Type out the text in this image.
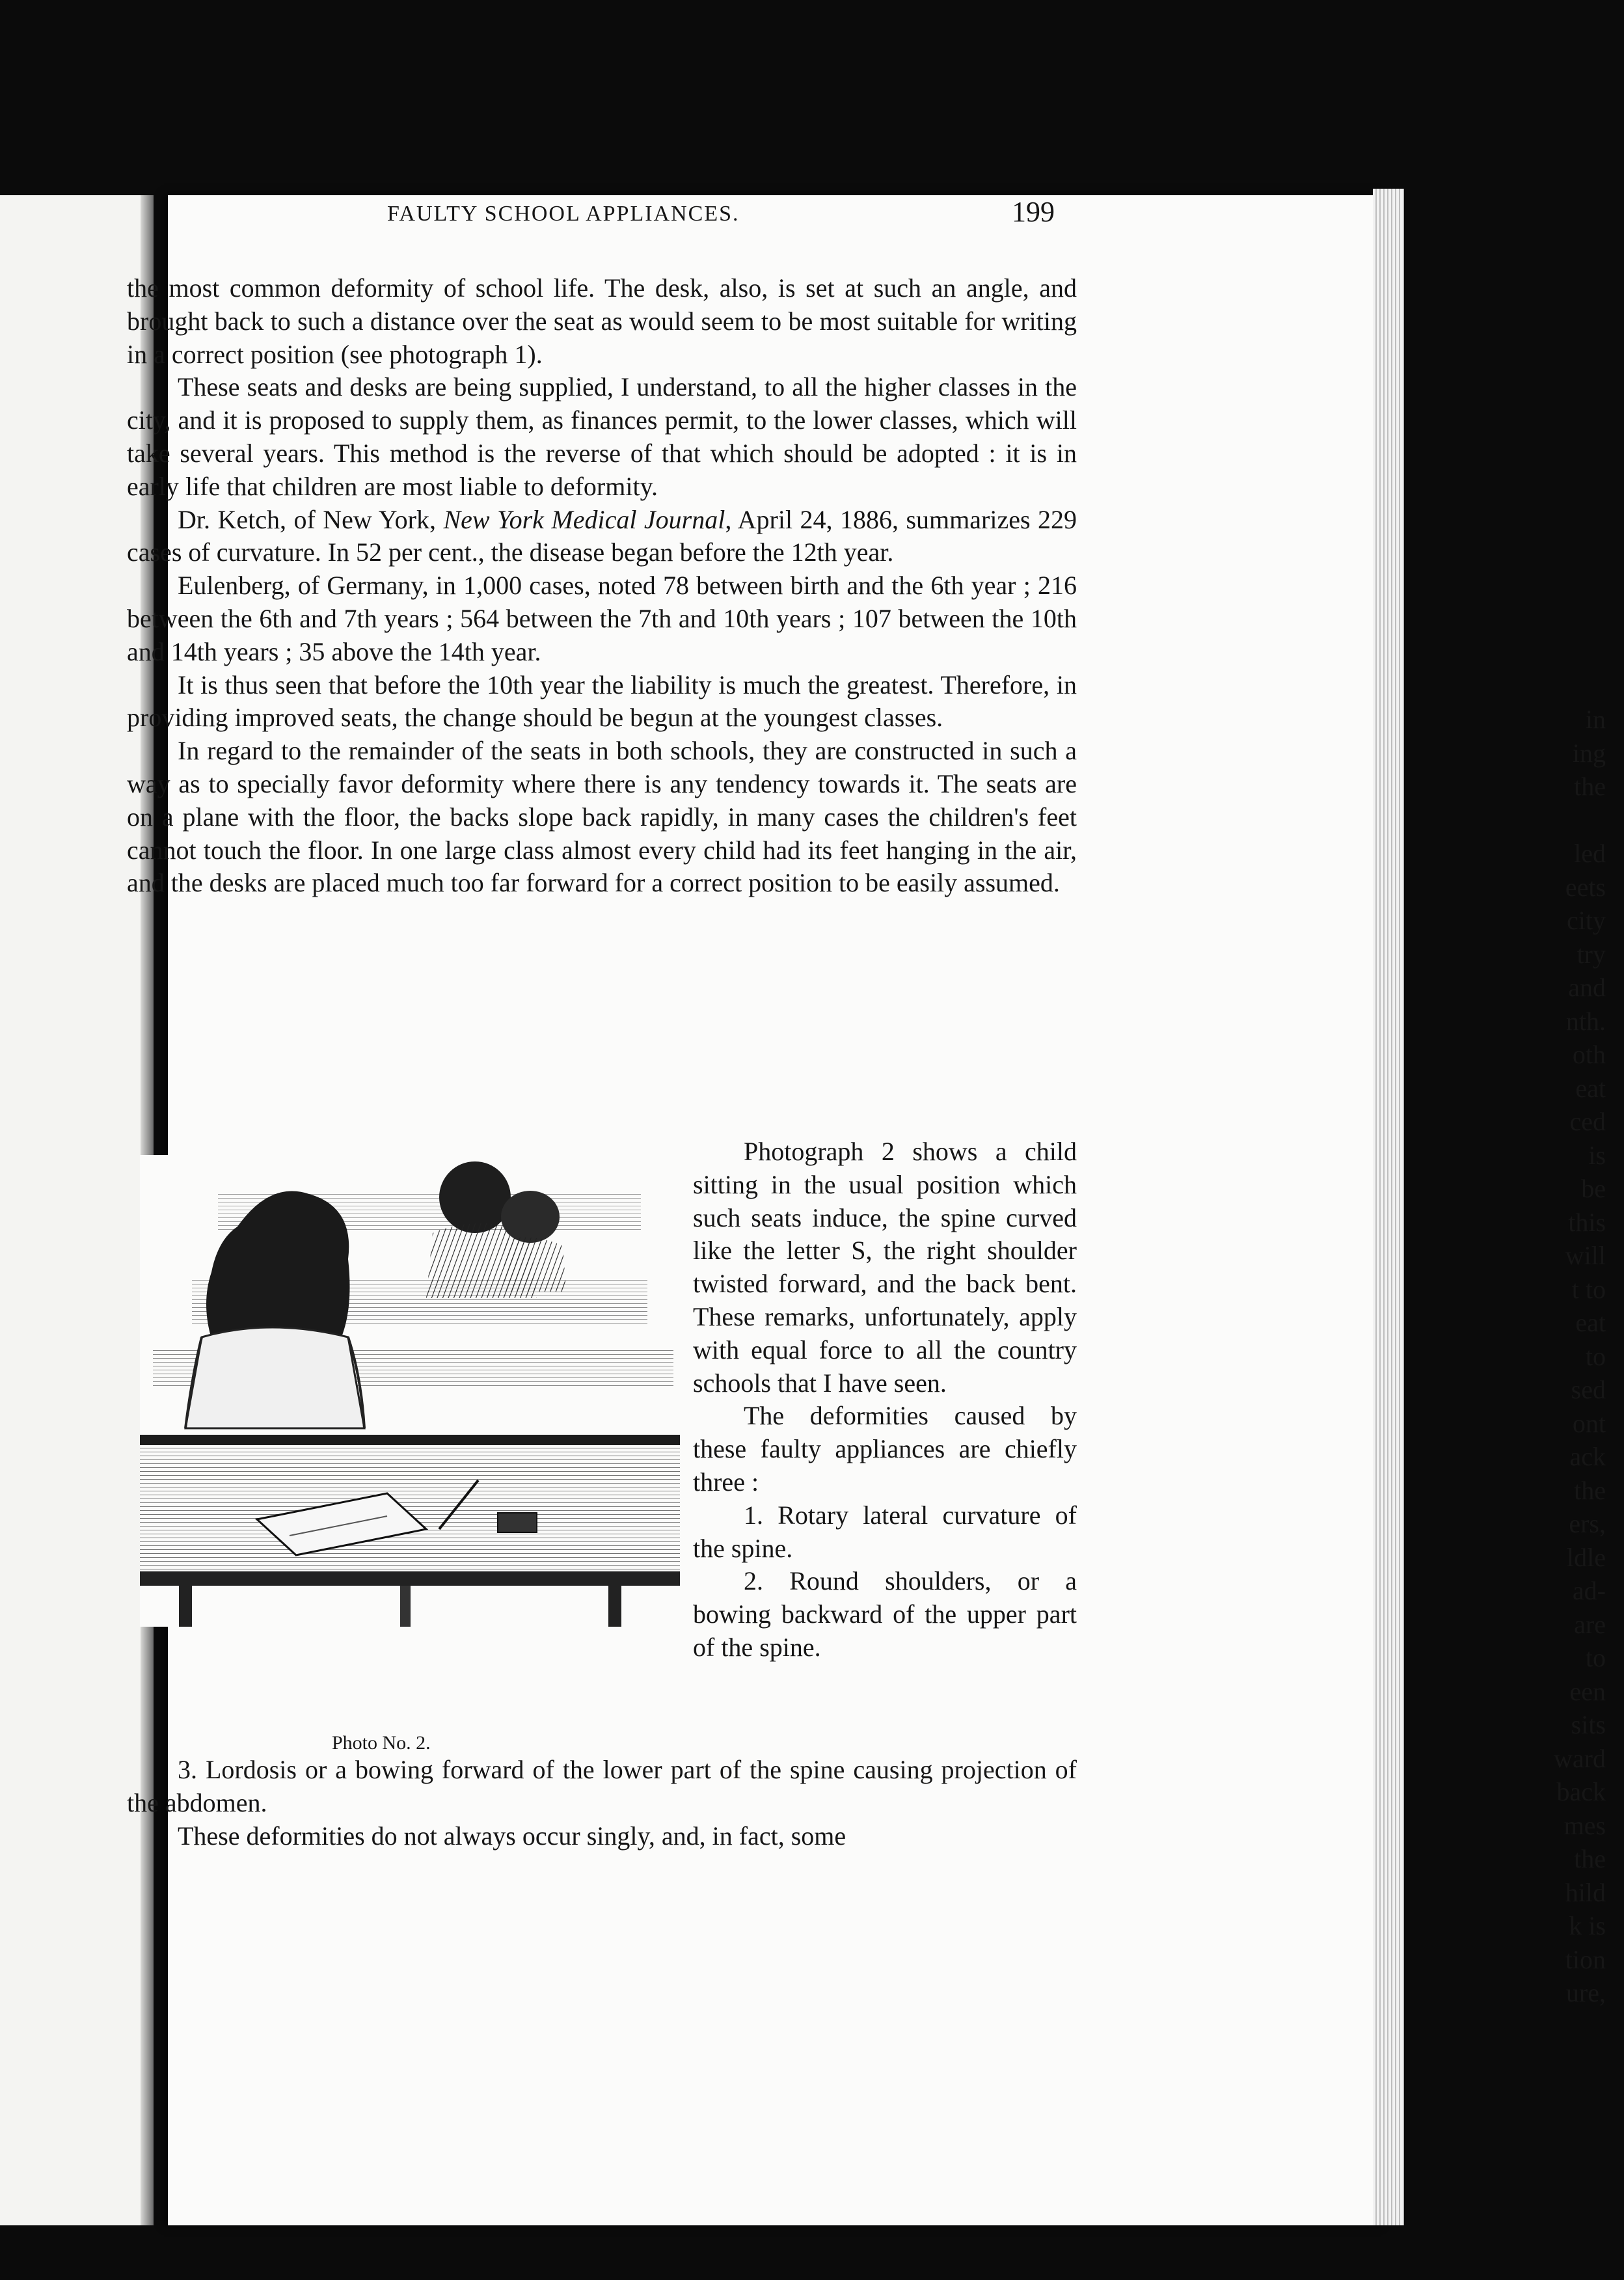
in
ing
the
led
eets
city
try
and
nth.
oth
eat
ced
is
be
this
will
t to
eat
to
sed
ont
ack
the
ers,
ldle
ad-
are
to
een
sits
ward
back
mes
the
hild
k is
tion
ure,
FAULTY SCHOOL APPLIANCES.	199

the most common deformity of school life. The desk, also, is set at such an angle, and brought back to such a distance over the seat as would seem to be most suitable for writing in a correct position (see photograph 1).

These seats and desks are being supplied, I understand, to all the higher classes in the city, and it is proposed to supply them, as finances permit, to the lower classes, which will take several years. This method is the reverse of that which should be adopted : it is in early life that children are most liable to deformity.

Dr. Ketch, of New York, New York Medical Journal, April 24, 1886, summarizes 229 cases of curvature. In 52 per cent., the disease began before the 12th year.

Eulenberg, of Germany, in 1,000 cases, noted 78 between birth and the 6th year ; 216 between the 6th and 7th years ; 564 between the 7th and 10th years ; 107 between the 10th and 14th years ; 35 above the 14th year.

It is thus seen that before the 10th year the liability is much the greatest. Therefore, in providing improved seats, the change should be begun at the youngest classes.

In regard to the remainder of the seats in both schools, they are constructed in such a way as to specially favor deformity where there is any tendency towards it. The seats are on a plane with the floor, the backs slope back rapidly, in many cases the children's feet cannot touch the floor. In one large class almost every child had its feet hanging in the air, and the desks are placed much too far forward for a correct position to be easily assumed.

Photo No. 2.

Photograph 2 shows a child sitting in the usual position which such seats induce, the spine curved like the letter S, the right shoulder twisted forward, and the back bent. These remarks, unfortunately, apply with equal force to all the country schools that I have seen.

The deformities caused by these faulty appliances are chiefly three :

1. Rotary lateral curvature of the spine.

2. Round shoulders, or a bowing backward of the upper part of the spine.

3. Lordosis or a bowing forward of the lower part of the spine causing projection of the abdomen.

These deformities do not always occur singly, and, in fact, some
